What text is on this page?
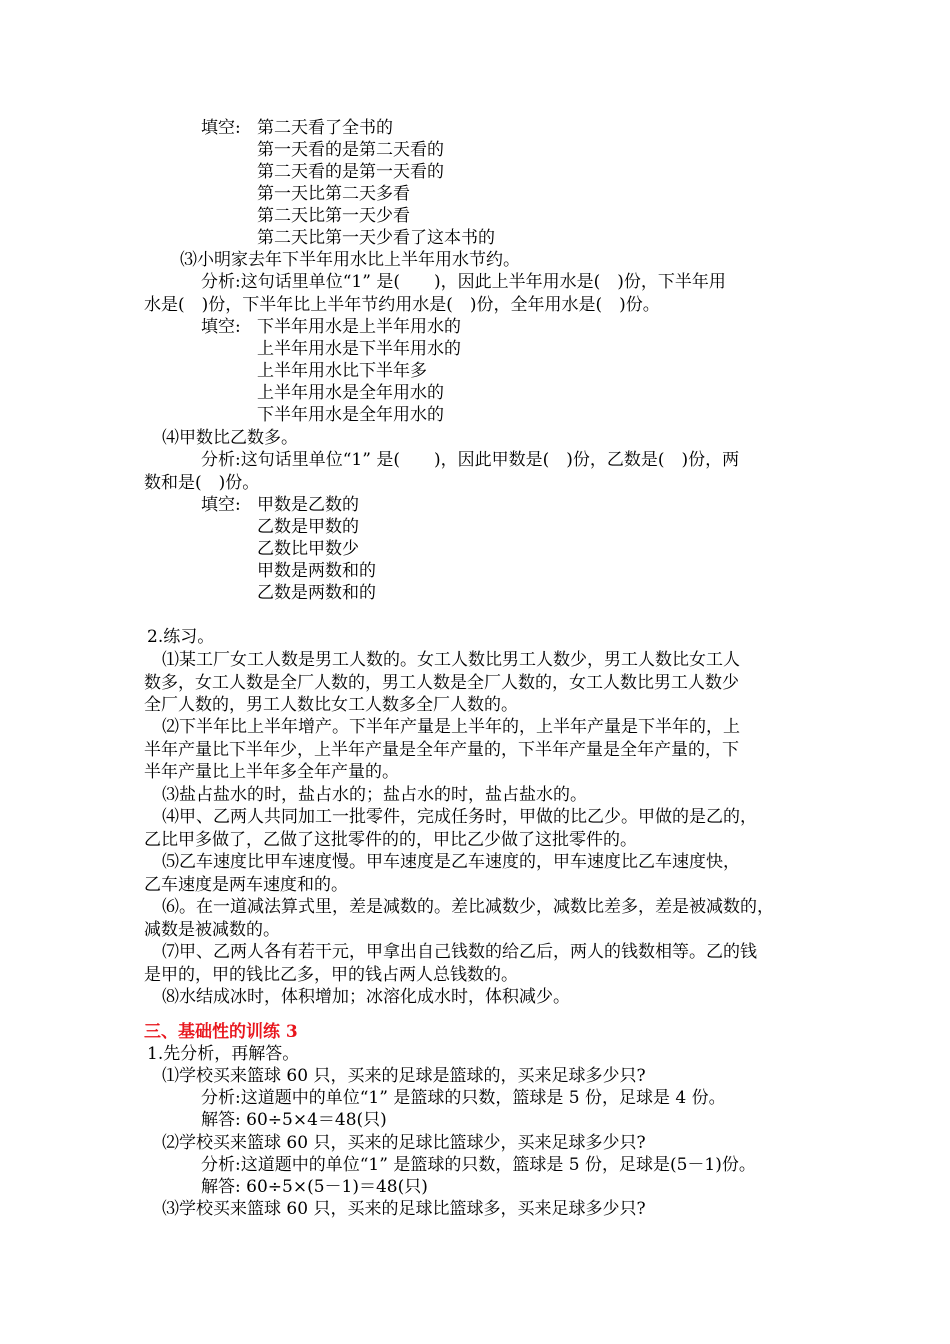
填空: 第二天看了全书的
第一天看的是第二天看的
第二天看的是第一天看的
第一天比第二天多看
第二天比第一天少看
第二天比第一天少看了这本书的
⑶小明家去年下半年用水比上半年用水节约。
分析:这句话里单位“1” 是(　　)，因此上半年用水是(　)份，下半年用
水是(　)份，下半年比上半年节约用水是(　)份，全年用水是(　)份。
填空: 下半年用水是上半年用水的
上半年用水是下半年用水的
上半年用水比下半年多
上半年用水是全年用水的
下半年用水是全年用水的
⑷甲数比乙数多。
分析:这句话里单位“1” 是(　　)，因此甲数是(　)份，乙数是(　)份，两
数和是(　)份。
填空: 甲数是乙数的
乙数是甲数的
乙数比甲数少
甲数是两数和的
乙数是两数和的
2.练习。
⑴某工厂女工人数是男工人数的。女工人数比男工人数少，男工人数比女工人
数多，女工人数是全厂人数的，男工人数是全厂人数的，女工人数比男工人数少
全厂人数的，男工人数比女工人数多全厂人数的。
⑵下半年比上半年增产。下半年产量是上半年的，上半年产量是下半年的，上
半年产量比下半年少，上半年产量是全年产量的，下半年产量是全年产量的，下
半年产量比上半年多全年产量的。
⑶盐占盐水的时，盐占水的；盐占水的时，盐占盐水的。
⑷甲、乙两人共同加工一批零件，完成任务时，甲做的比乙少。甲做的是乙的，
乙比甲多做了，乙做了这批零件的的，甲比乙少做了这批零件的。
⑸乙车速度比甲车速度慢。甲车速度是乙车速度的，甲车速度比乙车速度快，
乙车速度是两车速度和的。
⑹。在一道减法算式里，差是减数的。差比减数少，减数比差多，差是被减数的，
减数是被减数的。
⑺甲、乙两人各有若干元，甲拿出自己钱数的给乙后，两人的钱数相等。乙的钱
是甲的，甲的钱比乙多，甲的钱占两人总钱数的。
⑻水结成冰时，体积增加；冰溶化成水时，体积减少。
三、基础性的训练 3
1.先分析，再解答。
⑴学校买来篮球 60 只，买来的足球是篮球的，买来足球多少只?
分析:这道题中的单位“1” 是篮球的只数，篮球是 5 份，足球是 4 份。
解答: 60÷5×4＝48(只)
⑵学校买来篮球 60 只，买来的足球比篮球少，买来足球多少只?
分析:这道题中的单位“1” 是篮球的只数，篮球是 5 份，足球是(5－1)份。
解答: 60÷5×(5－1)＝48(只)
⑶学校买来篮球 60 只，买来的足球比篮球多，买来足球多少只?
